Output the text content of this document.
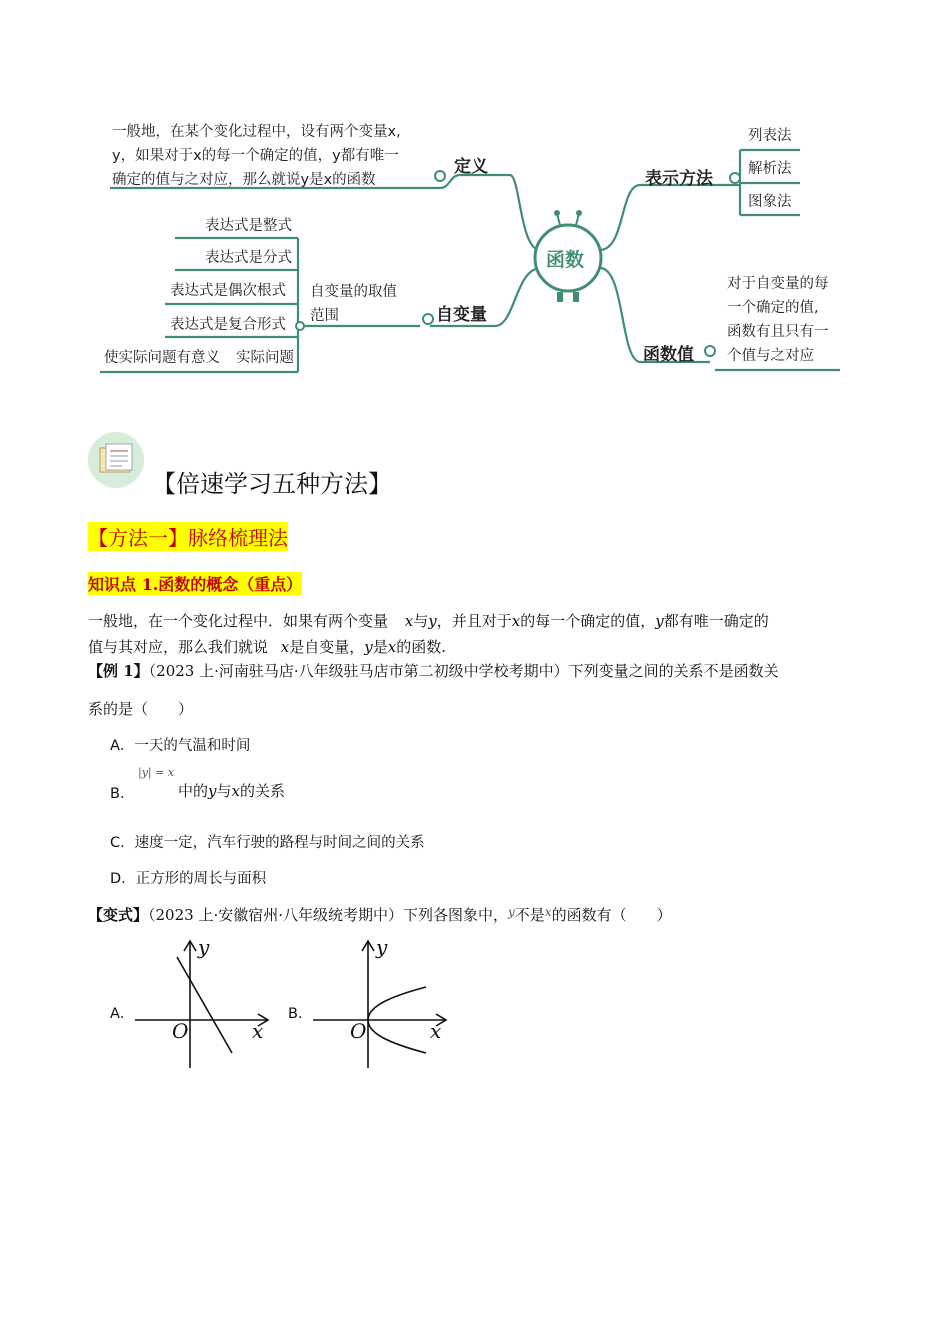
一般地，在某个变化过程中，设有两个变量x,
y，如果对于x的每一个确定的值，y都有唯一
确定的值与之对应，那么就说y是x的函数
定义
函数
表示方法
列表法
解析法
图象法
表达式是整式
表达式是分式
表达式是偶次根式
表达式是复合形式
使实际问题有意义 实际问题
自变量的取值
范围	自变量
函数值
对于自变量的每
一个确定的值,
函数有且只有一
个值与之对应
【倍速学习五种方法】
【方法一】脉络梳理法
知识点 1.函数的概念（重点）
一般地，在一个变化过程中．如果有两个变量 x与y，并且对于x的每一个确定的值，y都有唯一确定的
值与其对应，那么我们就说 x是自变量，y是x的函数.
【例 1】（2023 上·河南驻马店·八年级驻马店市第二初级中学校考期中）下列变量之间的关系不是函数关
系的是（　　）
A．一天的气温和时间
B．
|y| = x
中的y与x的关系
C．速度一定，汽车行驶的路程与时间之间的关系
D．正方形的周长与面积
【变式】（2023 上·安徽宿州·八年级统考期中）下列各图象中，$^y$不是$^x$的函数有（　　）
A．
y
x
O
B．
y
x
O
